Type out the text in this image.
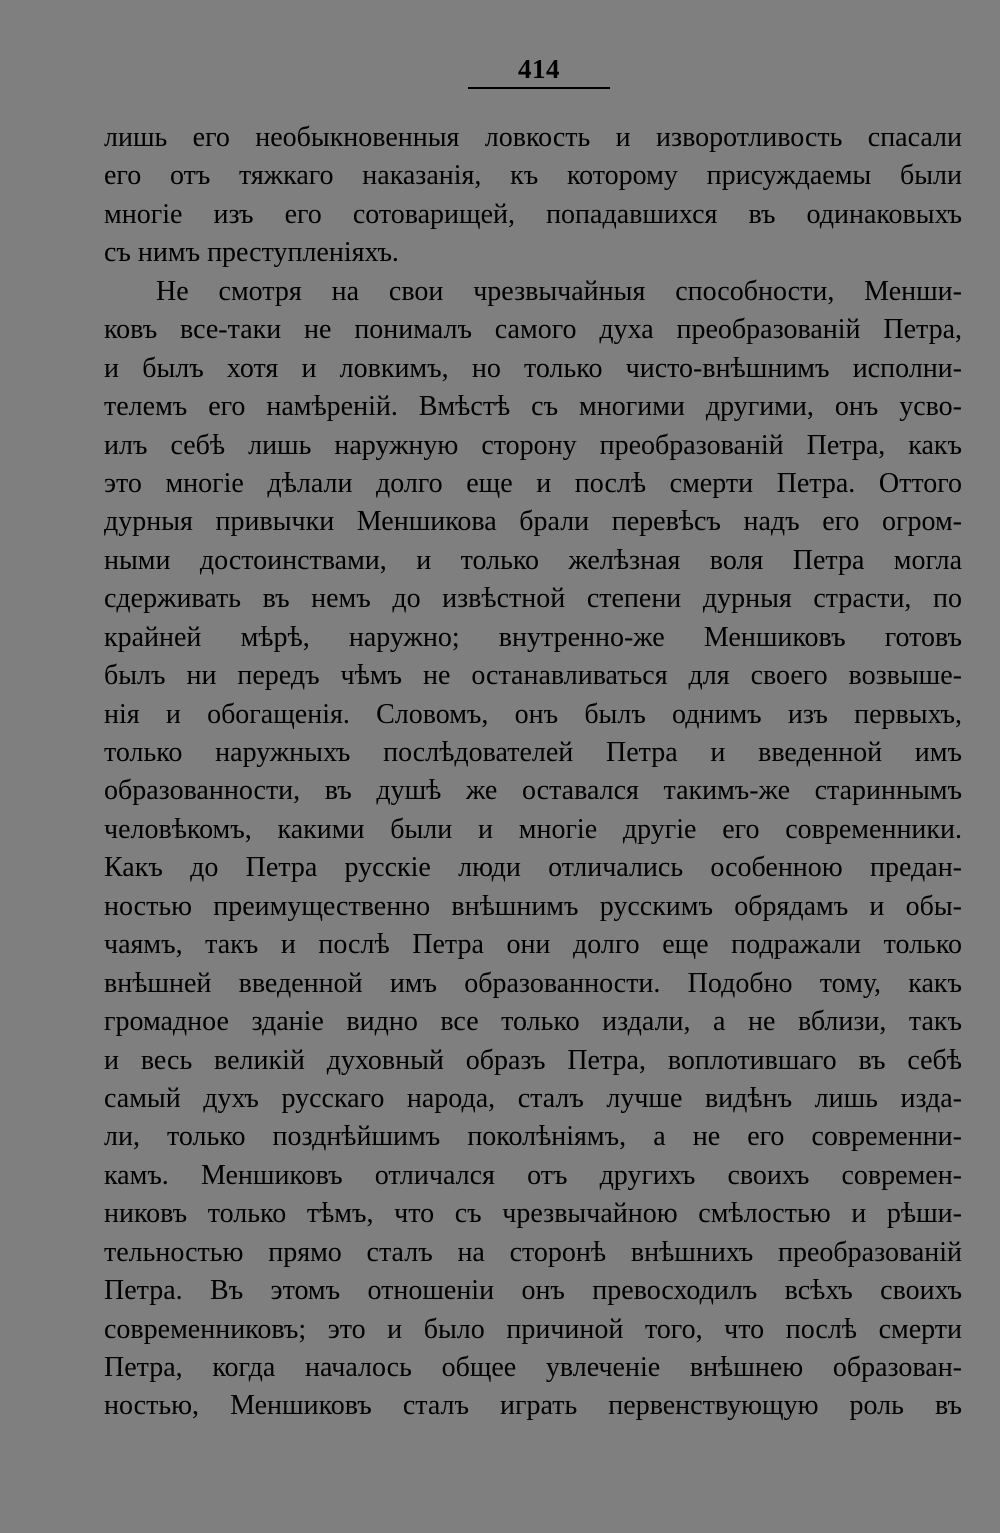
414
лишь его необыкновенныя ловкость и изворотливость спасали
его отъ тяжкаго наказанія, къ которому присуждаемы были
многіе изъ его сотоварищей, попадавшихся въ одинаковыхъ
съ нимъ преступленіяхъ.
Не смотря на свои чрезвычайныя способности, Менши-
ковъ все-таки не понималъ самого духа преобразованій Петра,
и былъ хотя и ловкимъ, но только чисто-внѣшнимъ исполни-
телемъ его намѣреній. Вмѣстѣ съ многими другими, онъ усво-
илъ себѣ лишь наружную сторону преобразованій Петра, какъ
это многіе дѣлали долго еще и послѣ смерти Петра. Оттого
дурныя привычки Меншикова брали перевѣсъ надъ его огром-
ными достоинствами, и только желѣзная воля Петра могла
сдерживать въ немъ до извѣстной степени дурныя страсти, по
крайней мѣрѣ, наружно; внутренно-же Меншиковъ готовъ
былъ ни передъ чѣмъ не останавливаться для своего возвыше-
нія и обогащенія. Словомъ, онъ былъ однимъ изъ первыхъ,
только наружныхъ послѣдователей Петра и введенной имъ
образованности, въ душѣ же оставался такимъ-же стариннымъ
человѣкомъ, какими были и многіе другіе его современники.
Какъ до Петра русскіе люди отличались особенною предан-
ностью преимущественно внѣшнимъ русскимъ обрядамъ и обы-
чаямъ, такъ и послѣ Петра они долго еще подражали только
внѣшней введенной имъ образованности. Подобно тому, какъ
громадное зданіе видно все только издали, а не вблизи, такъ
и весь великій духовный образъ Петра, воплотившаго въ себѣ
самый духъ русскаго народа, сталъ лучше видѣнъ лишь изда-
ли, только позднѣйшимъ поколѣніямъ, а не его современни-
камъ. Меншиковъ отличался отъ другихъ своихъ современ-
никовъ только тѣмъ, что съ чрезвычайною смѣлостью и рѣши-
тельностью прямо сталъ на сторонѣ внѣшнихъ преобразованій
Петра. Въ этомъ отношеніи онъ превосходилъ всѣхъ своихъ
современниковъ; это и было причиной того, что послѣ смерти
Петра, когда началось общее увлеченіе внѣшнею образован-
ностью, Меншиковъ сталъ играть первенствующую роль въ
